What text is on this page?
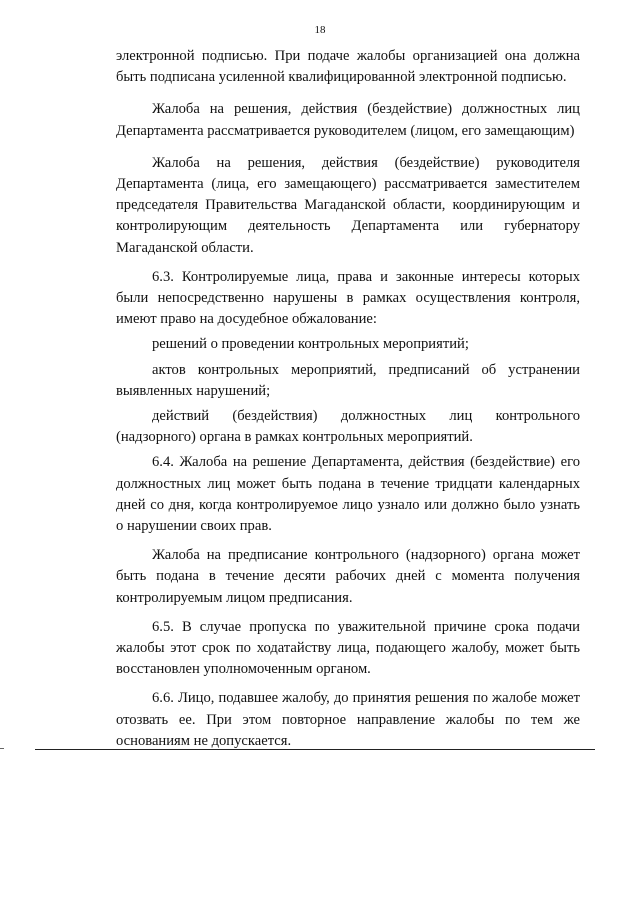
18

электронной подписью. При подаче жалобы организацией она должна быть подписана усиленной квалифицированной электронной подписью.

Жалоба на решения, действия (бездействие) должностных лиц Департамента рассматривается руководителем (лицом, его замещающим)

Жалоба на решения, действия (бездействие) руководителя Департамента (лица, его замещающего) рассматривается заместителем председателя Правительства Магаданской области, координирующим и контролирующим деятельность Департамента или губернатору Магаданской области.

6.3. Контролируемые лица, права и законные интересы которых были непосредственно нарушены в рамках осуществления контроля, имеют право на досудебное обжалование:

решений о проведении контрольных мероприятий;

актов контрольных мероприятий, предписаний об устранении выявленных нарушений;

действий (бездействия) должностных лиц контрольного (надзорного) органа в рамках контрольных мероприятий.

6.4. Жалоба на решение Департамента, действия (бездействие) его должностных лиц может быть подана в течение тридцати календарных дней со дня, когда контролируемое лицо узнало или должно было узнать о нарушении своих прав.

Жалоба на предписание контрольного (надзорного) органа может быть подана в течение десяти рабочих дней с момента получения контролируемым лицом предписания.

6.5. В случае пропуска по уважительной причине срока подачи жалобы этот срок по ходатайству лица, подающего жалобу, может быть восстановлен уполномоченным органом.

6.6. Лицо, подавшее жалобу, до принятия решения по жалобе может отозвать ее. При этом повторное направление жалобы по тем же основаниям не допускается.
